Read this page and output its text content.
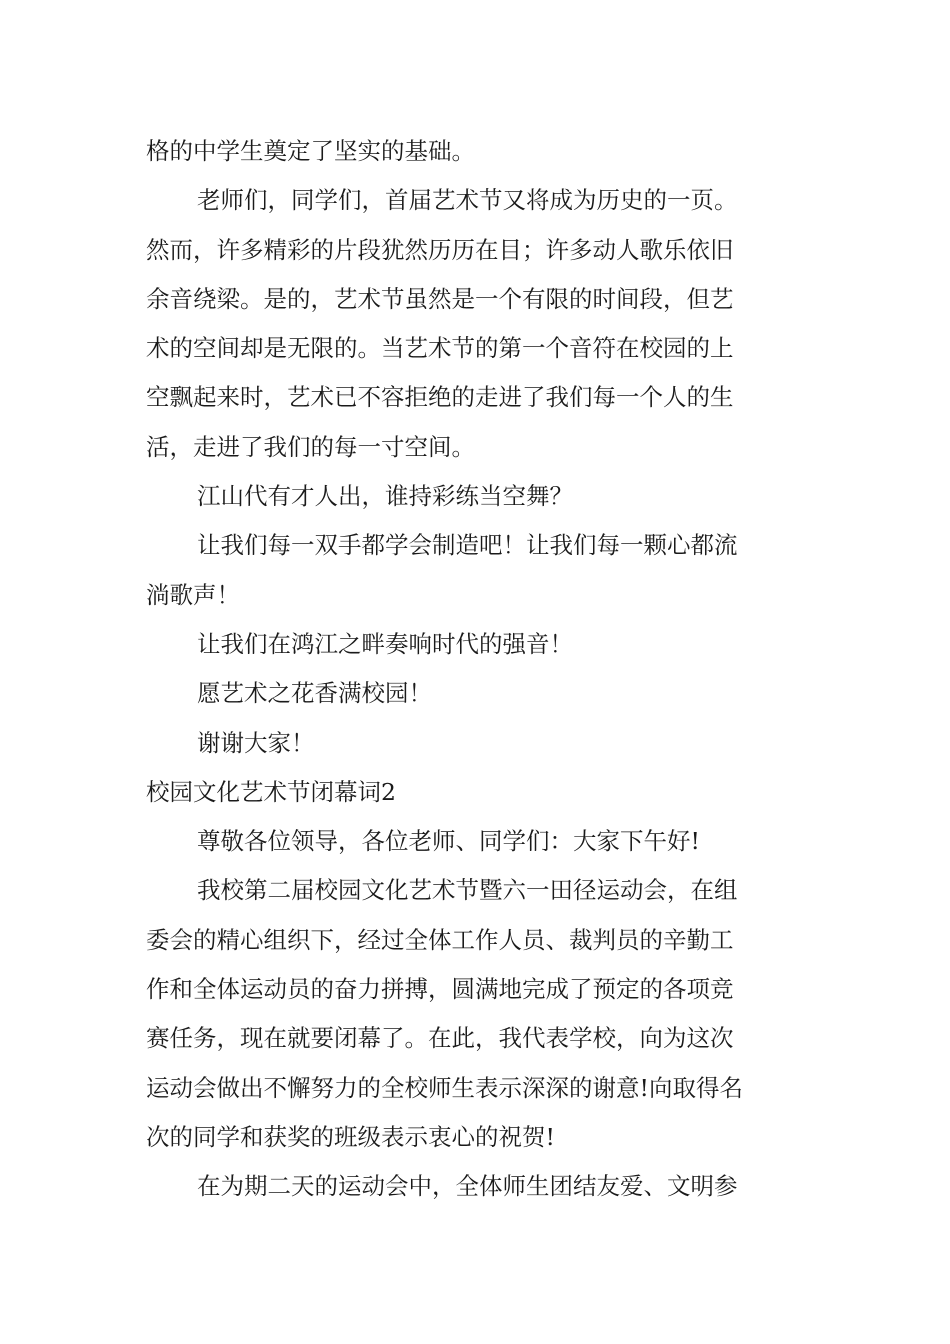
格的中学生奠定了坚实的基础。
老师们，同学们，首届艺术节又将成为历史的一页。
然而，许多精彩的片段犹然历历在目；许多动人歌乐依旧
余音绕梁。是的，艺术节虽然是一个有限的时间段，但艺
术的空间却是无限的。当艺术节的第一个音符在校园的上
空飘起来时，艺术已不容拒绝的走进了我们每一个人的生
活，走进了我们的每一寸空间。
江山代有才人出，谁持彩练当空舞？
让我们每一双手都学会制造吧！让我们每一颗心都流
淌歌声！
让我们在鸿江之畔奏响时代的强音！
愿艺术之花香满校园！
谢谢大家！
校园文化艺术节闭幕词2
尊敬各位领导，各位老师、同学们：大家下午好!
我校第二届校园文化艺术节暨六一田径运动会，在组
委会的精心组织下，经过全体工作人员、裁判员的辛勤工
作和全体运动员的奋力拼搏，圆满地完成了预定的各项竞
赛任务，现在就要闭幕了。在此，我代表学校，向为这次
运动会做出不懈努力的全校师生表示深深的谢意!向取得名
次的同学和获奖的班级表示衷心的祝贺!
在为期二天的运动会中，全体师生团结友爱、文明参
